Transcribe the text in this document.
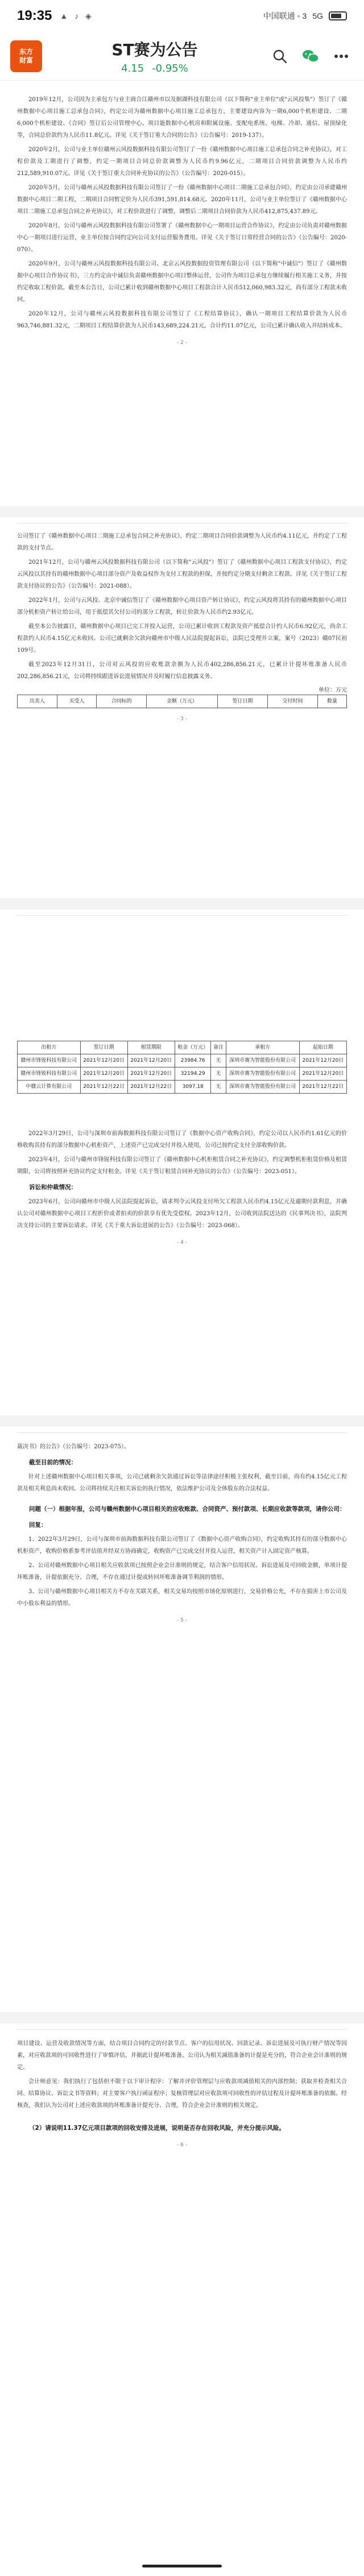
19:35 ▲ ♪ ◈	中国联通 ◦ 3 5G
东方
财富
ST赛为公告
4.15 -0.95%

2019年12月，公司因为主承包方与业主商合江赣州市以及据湖科技有限公司（以下简称"业主单位"或"云风投集"）签订了《赣州数据中心项目施工总承包合同》，约定公司为赣州数据中心项目施工总承包方，主要建设内容为一期6,000个机柜建设、二期6,000个机柜建设、《合同》签订后公司管理中心、项目能数据中心机房和附属设施、变配电系统、电梯、冷却、通信、屋顶绿化等，合同总价款约为人民币11.8亿元。详见《关于签订重大合同的公告》（公告编号：2019-137）。

2020年2月，公司与业主单位赣州云风投数据科技有限公司签订了一份《赣州数据中心项目施工总承包合同之补充协议》，对工程价款及工期进行了调整，约定一期项目合同总价款调整为人民币约9.96亿元，二期项目合同价款调整为人民币约212,589,910.07元。详见《关于签订重大合同补充协议的公告》（公告编号：2020-015）。

2020年5月，公司与赣州云风投数据科技有限公司签订了一份《赣州数据中心项目二期施工总承包合同》，约定由公司承建赣州数据中心项目二期工程，二期项目合同暂定价为人民币391,591,814.68元。2020年11月，公司与业主单位签订了《赣州数据中心项目二期施工总承包合同之补充协议》，对工程价款进行了调整，调整后二期项目合同价款为人民币412,875,437.89元。

2020年8月，公司与赣州云风投数据科技有限公司签署了《赣州数据中心一期项目运营合作协议》，约定由公司负责对赣州数据中心一期项目进行运营，业主单位按合同约定向公司支付运营服务费用。详见《关于签订日常经营合同的公告》（公告编号：2020-070）。

2020年9月，公司与赣州云风投数据科技有限公司、北京云风投数据投资管理有限公司（以下简称"中诚信"）签订了《赣州数据中心项目合作协议书》，三方约定由中诚信负责赣州数据中心项目整体运营，公司作为项目总承包方继续履行相关施工义务，并按约定收取工程价款。截至本公告日，公司已累计收到赣州数据中心项目工程款合计人民币512,060,983.32元，尚有部分工程款未收回。

2020年12月，公司与赣州云风投数据科技有限公司签订了《工程结算协议》，确认一期项目工程结算价款为人民币963,746,881.32元，二期项目工程结算价款为人民币143,689,224.21元，合计约11.07亿元，公司已累计确认收入并结转成本。

- 2 -

公司签订了《赣州数据中心项目二期施工总承包合同之补充协议》，约定二期项目合同价款调整为人民币约4.11亿元，并约定了工程款的支付节点。

2021年12月，公司与赣州云风投数据科技有限公司（以下简称"云风投"）签订了《赣州数据中心项目工程款支付协议》，约定云风投以其持有的赣州数据中心项目部分资产及收益权作为支付工程款的担保，并按约定分期支付剩余工程款。详见《关于签订工程款支付协议的公告》（公告编号：2021-088）。

2022年1月，公司与云风投、北京中诚信签订了《赣州数据中心项目资产转让协议》，约定云风投将其持有的赣州数据中心项目部分机柜资产转让给公司，用于抵偿其欠付公司的部分工程款，转让价款为人民币约2.93亿元。

截至本公告披露日，赣州数据中心项目已完工并投入运营，公司已累计收到工程款及资产抵偿合计约人民币6.92亿元，尚余工程款约人民币4.15亿元未收回。公司已就剩余欠款向赣州市中级人民法院提起诉讼，法院已受理并立案，案号（2023）赣07民初109号。

截至2023年12月31日，公司对云风投的应收账款余额为人民币402,286,856.21元，已累计计提坏账准备人民币202,286,856.21元，公司将持续跟进诉讼进展情况并及时履行信息披露义务。

单位：万元
出卖人	买受人	合同标的	金额（万元）	签订日期	交付时间	数量
- 3 -
出租方	签订日期	租赁期限	租金（万元）	备注	承租方	起始日期
赣州市锋锐科技有限公司	2021年12月20日	2021年12月20日	23984.76	无	深圳市赛为智能股份有限公司	2021年12月20日
赣州市锋锐科技有限公司	2021年12月20日	2021年12月20日	32194.29	无	深圳市赛为智能股份有限公司	2021年12月20日
中赣云计算有限公司	2021年12月22日	2021年12月22日	3097.18	无	深圳市赛为智能股份有限公司	2021年12月22日

2022年3月29日，公司与深圳市前海数据科技有限公司签订了《数据中心资产收购合同》，约定公司以人民币约1.61亿元的价格收购其持有的部分数据中心机柜资产，上述资产已完成交付并投入使用，公司已按约定支付全部收购价款。

2023年4月，公司与赣州市锋锐科技有限公司签订了《赣州数据中心机柜租赁合同之补充协议》，约定调整机柜租赁价格及租赁期限，公司将按照补充协议约定支付租金。详见《关于签订租赁合同补充协议的公告》（公告编号：2023-051）。

诉讼和仲裁情况：

2023年6月，公司向赣州市中级人民法院提起诉讼，请求判令云风投支付所欠工程款人民币约4.15亿元及逾期付款利息，并确认公司对赣州数据中心项目工程折价或者拍卖的价款享有优先受偿权。2023年12月，公司收到法院送达的《民事判决书》，法院判决支持公司的主要诉讼请求。详见《关于重大诉讼进展的公告》（公告编号：2023-068）。

- 4 -

裁决书》的公告》（公告编号：2023-075）。

截至目前的情况：

针对上述赣州数据中心项目相关事项，公司已就剩余欠款通过诉讼等法律途径积极主张权利，截至目前，尚有约4.15亿元工程款及相关利息尚未收回。公司将持续关注相关诉讼的执行情况，依法维护公司及全体股东的合法权益。

问题（一）根据年报，公司与赣州数据中心项目相关的应收账款、合同资产、预付款项、长期应收款等款项，请你公司：
回复：

1、2022年3月29日，公司与深圳市前海数据科技有限公司签订了《数据中心资产收购合同》，约定收购其持有的部分数据中心机柜资产，收购价格系参考评估值并经双方协商确定，收购资产已完成交付并投入运营，相关资产计入固定资产核算。

2、公司对赣州数据中心项目相关应收款项已按照企业会计准则的规定，结合客户信用状况、诉讼进展及可回收金额，单项计提坏账准备，计提依据充分、合理，不存在通过计提或转回坏账准备调节利润的情形。

3、公司与赣州数据中心项目相关方不存在关联关系，相关交易均按照市场化原则进行，交易价格公允，不存在损害上市公司及中小股东利益的情形。

- 5 -

项目建设、运营及收款情况等方面，结合项目合同约定的付款节点、客户的信用状况、回款记录、诉讼进展及可执行财产情况等因素，对应收款项的可回收性进行了审慎评估，并据此计提坏账准备。公司认为相关减值准备的计提是充分的，符合企业会计准则的规定。

会计师意见：我们执行了包括但不限于以下审计程序：了解并评价管理层与应收款项减值相关的内部控制；获取并检查相关合同、结算协议、诉讼文书等资料；对主要客户执行函证程序；复核管理层对应收款项可回收性的评估过程及计提坏账准备的依据。经核查，我们认为公司对上述应收款项的坏账准备计提充分、合理，符合企业会计准则的相关规定。

（2）请说明11.37亿元项目款项的回收安排及进展，说明是否存在回收风险，并充分提示风险。
- 6 -
